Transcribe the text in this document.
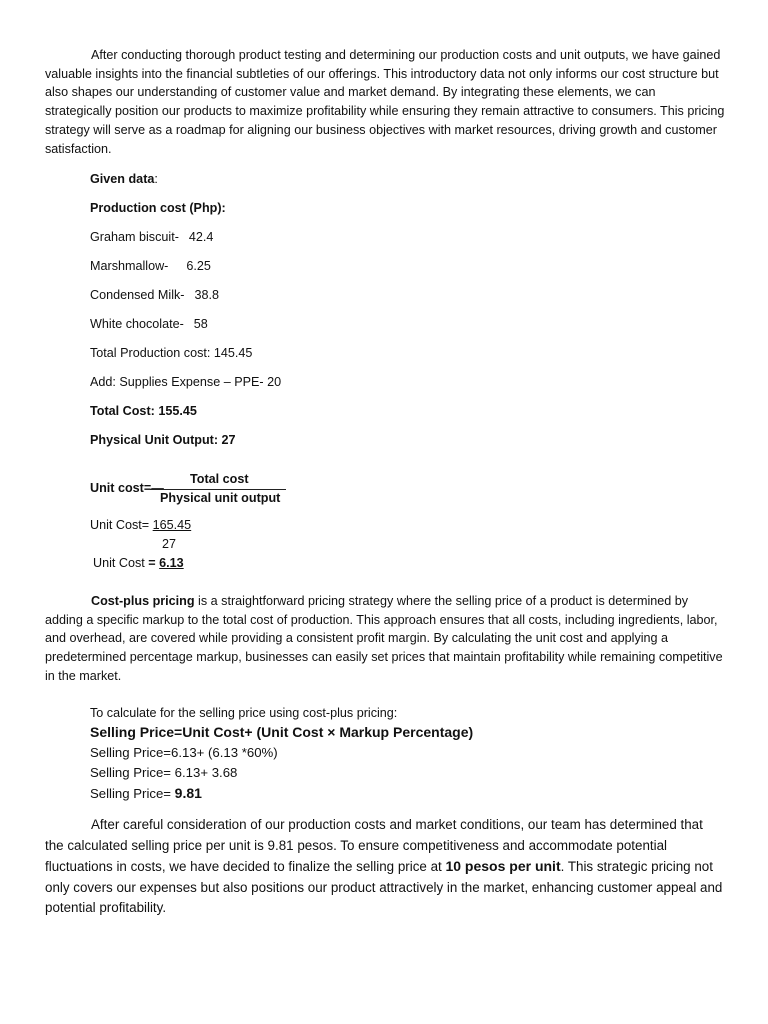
After conducting thorough product testing and determining our production costs and unit outputs, we have gained valuable insights into the financial subtleties of our offerings. This introductory data not only informs our cost structure but also shapes our understanding of customer value and market demand. By integrating these elements, we can strategically position our products to maximize profitability while ensuring they remain attractive to consumers. This pricing strategy will serve as a roadmap for aligning our business objectives with market resources, driving growth and customer satisfaction.

Given data:
Production cost (Php):
Graham biscuit- 42.4
Marshmallow- 6.25
Condensed Milk- 38.8
White chocolate- 58
Total Production cost: 145.45
Add: Supplies Expense – PPE- 20
Total Cost: 155.45
Physical Unit Output: 27
Unit cost=—
Total cost
Physical unit output
Unit Cost= 165.45
27
Unit Cost = 6.13

Cost-plus pricing is a straightforward pricing strategy where the selling price of a product is determined by adding a specific markup to the total cost of production. This approach ensures that all costs, including ingredients, labor, and overhead, are covered while providing a consistent profit margin. By calculating the unit cost and applying a predetermined percentage markup, businesses can easily set prices that maintain profitability while remaining competitive in the market.

To calculate for the selling price using cost-plus pricing:
Selling Price=Unit Cost+ (Unit Cost × Markup Percentage)
Selling Price=6.13+ (6.13 *60%)
Selling Price= 6.13+ 3.68
Selling Price= 9.81

After careful consideration of our production costs and market conditions, our team has determined that the calculated selling price per unit is 9.81 pesos. To ensure competitiveness and accommodate potential fluctuations in costs, we have decided to finalize the selling price at 10 pesos per unit. This strategic pricing not only covers our expenses but also positions our product attractively in the market, enhancing customer appeal and potential profitability.
